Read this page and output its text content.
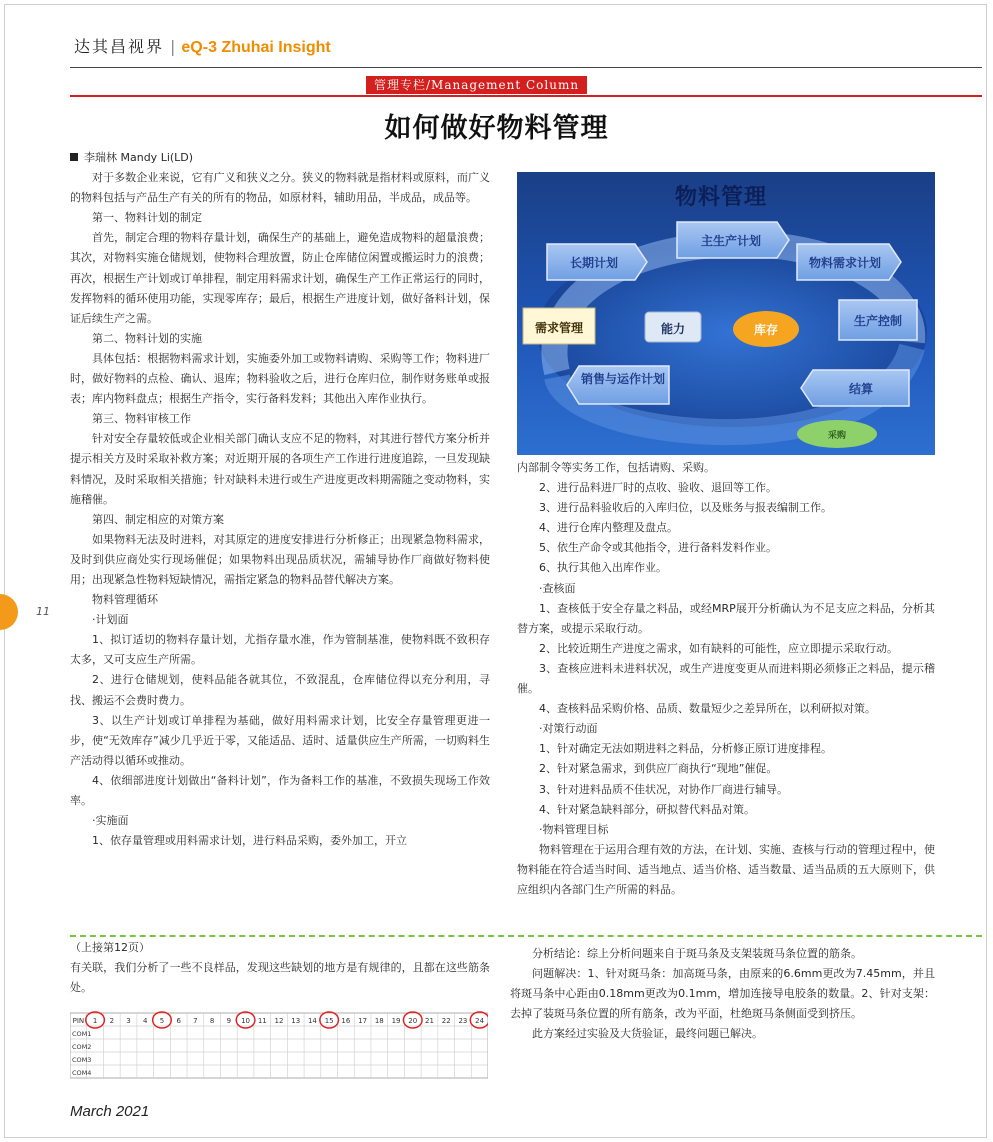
达其昌视界 | eQ-3 Zhuhai Insight
管理专栏/Management Column
如何做好物料管理

李瑞林 Mandy Li(LD)

对于多数企业来说，它有广义和狭义之分。狭义的物料就是指材料或原料，而广义的物料包括与产品生产有关的所有的物品，如原材料，辅助用品，半成品，成品等。

第一、物料计划的制定

首先，制定合理的物料存量计划，确保生产的基础上，避免造成物料的超量浪费；其次，对物料实施仓储规划，使物料合理放置，防止仓库储位闲置或搬运时力的浪费；再次，根据生产计划或订单排程，制定用料需求计划，确保生产工作正常运行的同时，发挥物料的循环使用功能，实现零库存；最后，根据生产进度计划，做好备料计划，保证后续生产之需。

第二、物料计划的实施

具体包括：根据物料需求计划，实施委外加工或物料请购、采购等工作；物料进厂时，做好物料的点检、确认、退库；物料验收之后，进行仓库归位，制作财务账单或报表；库内物料盘点；根据生产指令，实行备料发料；其他出入库作业执行。

第三、物料审核工作

针对安全存量较低或企业相关部门确认支应不足的物料，对其进行替代方案分析并提示相关方及时采取补救方案；对近期开展的各项生产工作进行进度追踪，一旦发现缺料情况，及时采取相关措施；针对缺料未进行或生产进度更改料期需随之变动物料，实施稽催。

第四、制定相应的对策方案

如果物料无法及时进料，对其原定的进度安排进行分析修正；出现紧急物料需求，及时到供应商处实行现场催促；如果物料出现品质状况，需辅导协作厂商做好物料使用；出现紧急性物料短缺情况，需指定紧急的物料品替代解决方案。

物料管理循环

·计划面

1、拟订适切的物料存量计划，尤指存量水准，作为管制基准，使物料既不致积存太多，又可支应生产所需。

2、进行仓储规划，使料品能各就其位，不致混乱，仓库储位得以充分利用，寻找、搬运不会费时费力。

3、以生产计划或订单排程为基础，做好用料需求计划，比安全存量管理更进一步，使“无效库存”减少几乎近于零，又能适品、适时、适量供应生产所需，一切购料生产活动得以循环或推动。

4、依细部进度计划做出“备料计划”，作为备料工作的基准，不致损失现场工作效率。

·实施面

1、依存量管理或用料需求计划，进行料品采购，委外加工，开立

物料管理
长期计划
主生产计划
物料需求计划
生产控制
结算
销售与运作计划
需求管理	能力	库存
采购

内部制令等实务工作，包括请购、采购。

2、进行品料进厂时的点收、验收、退回等工作。

3、进行品料验收后的入库归位，以及账务与报表编制工作。

4、进行仓库内整理及盘点。

5、依生产命令或其他指令，进行备料发料作业。

6、执行其他入出库作业。

·查核面

1、查核低于安全存量之料品，或经MRP展开分析确认为不足支应之料品，分析其替方案，或提示采取行动。

2、比较近期生产进度之需求，如有缺料的可能性，应立即提示采取行动。

3、查核应进料未进料状况，或生产进度变更从而进料期必须修正之料品，提示稽催。

4、查核料品采购价格、品质、数量短少之差异所在，以利研拟对策。

·对策行动面

1、针对确定无法如期进料之料品，分析修正原订进度排程。

2、针对紧急需求，到供应厂商执行“现地”催促。

3、针对进料品质不佳状况，对协作厂商进行辅导。

4、针对紧急缺料部分，研拟替代料品对策。

·物料管理目标

物料管理在于运用合理有效的方法，在计划、实施、查核与行动的管理过程中，使物料能在符合适当时间、适当地点、适当价格、适当数量、适当品质的五大原则下，供应组织内各部门生产所需的料品。

11

（上接第12页）

有关联，我们分析了一些不良样品，发现这些缺划的地方是有规律的，且都在这些筋条处。

PIN 1 2 3 4 5 6 7 8 9 10 11 12 13 14 15 16 17 18 19 20 21 22 23 24
COM1
COM2
COM3
COM4

分析结论：综上分析问题来自于斑马条及支架装斑马条位置的筋条。

问题解决：1、针对斑马条：加高斑马条，由原来的6.6mm更改为7.45mm，并且将斑马条中心距由0.18mm更改为0.1mm，增加连接导电胶条的数量。2、针对支架：去掉了装斑马条位置的所有筋条，改为平面，杜绝斑马条侧面受到挤压。

此方案经过实验及大货验证，最终问题已解决。

March 2021
